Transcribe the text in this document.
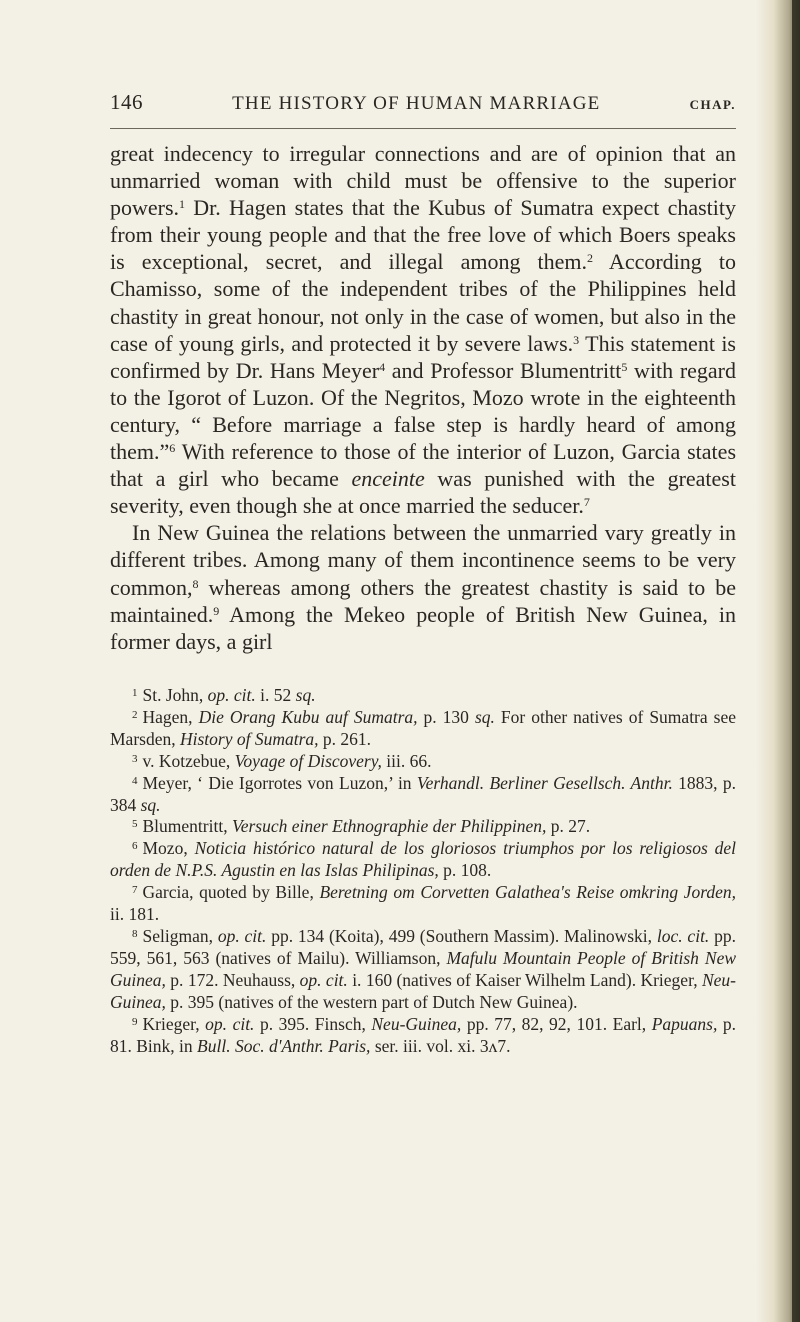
146	THE HISTORY OF HUMAN MARRIAGE	CHAP.

great indecency to irregular connections and are of opinion that an unmarried woman with child must be offensive to the superior powers.$^1$ Dr. Hagen states that the Kubus of Sumatra expect chastity from their young people and that the free love of which Boers speaks is exceptional, secret, and illegal among them.$^2$ According to Chamisso, some of the independent tribes of the Philippines held chastity in great honour, not only in the case of women, but also in the case of young girls, and protected it by severe laws.$^3$ This statement is confirmed by Dr. Hans Meyer$^4$ and Professor Blumentritt$^5$ with regard to the Igorot of Luzon. Of the Negritos, Mozo wrote in the eighteenth century, “ Before marriage a false step is hardly heard of among them.”$^6$ With reference to those of the interior of Luzon, Garcia states that a girl who became enceinte was punished with the greatest severity, even though she at once married the seducer.$^7$

In New Guinea the relations between the unmarried vary greatly in different tribes. Among many of them incontinence seems to be very common,$^8$ whereas among others the greatest chastity is said to be maintained.$^9$ Among the Mekeo people of British New Guinea, in former days, a girl

$^1$ St. John, op. cit. i. 52 sq.

$^2$ Hagen, Die Orang Kubu auf Sumatra, p. 130 sq. For other natives of Sumatra see Marsden, History of Sumatra, p. 261.

$^3$ v. Kotzebue, Voyage of Discovery, iii. 66.

$^4$ Meyer, ‘ Die Igorrotes von Luzon,’ in Verhandl. Berliner Gesellsch. Anthr. 1883, p. 384 sq.

$^5$ Blumentritt, Versuch einer Ethnographie der Philippinen, p. 27.

$^6$ Mozo, Noticia histórico natural de los gloriosos triumphos por los religiosos del orden de N.P.S. Agustin en las Islas Philipinas, p. 108.

$^7$ Garcia, quoted by Bille, Beretning om Corvetten Galathea's Reise omkring Jorden, ii. 181.

$^8$ Seligman, op. cit. pp. 134 (Koita), 499 (Southern Massim). Malinowski, loc. cit. pp. 559, 561, 563 (natives of Mailu). Williamson, Mafulu Mountain People of British New Guinea, p. 172. Neuhauss, op. cit. i. 160 (natives of Kaiser Wilhelm Land). Krieger, Neu-Guinea, p. 395 (natives of the western part of Dutch New Guinea).

$^9$ Krieger, op. cit. p. 395. Finsch, Neu-Guinea, pp. 77, 82, 92, 101. Earl, Papuans, p. 81. Bink, in Bull. Soc. d'Anthr. Paris, ser. iii. vol. xi. 3ʌ7.
